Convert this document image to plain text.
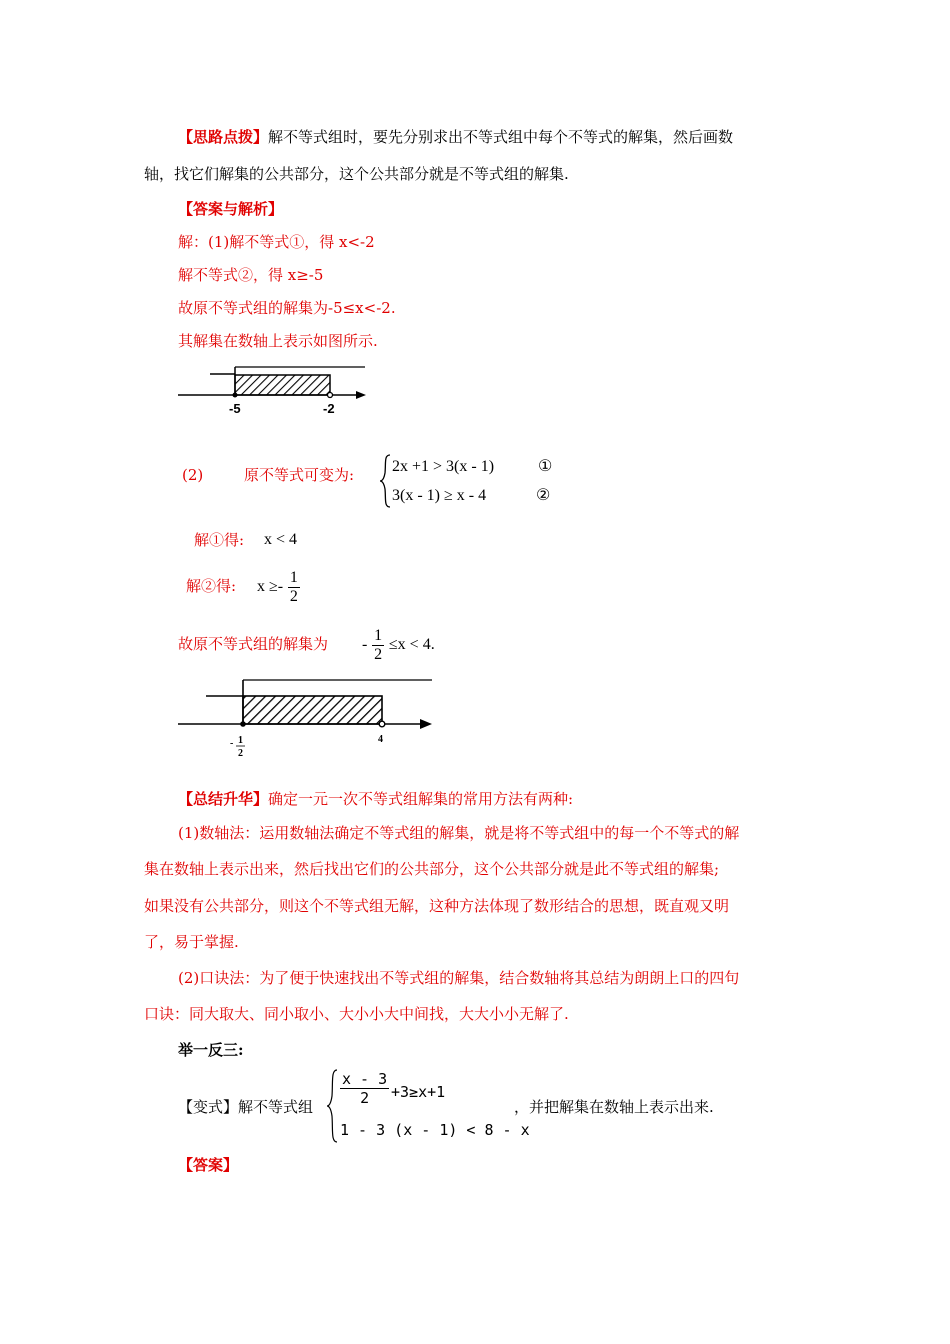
【思路点拨】解不等式组时，要先分别求出不等式组中每个不等式的解集，然后画数
轴，找它们解集的公共部分，这个公共部分就是不等式组的解集.
【答案与解析】
解：(1)解不等式①，得 x<-2
解不等式②，得 x≥-5
故原不等式组的解集为-5≤x<-2.
其解集在数轴上表示如图所示.
-5	-2
(2)	原不等式可变为: 2x +1 > 3(x - 1)	①
3(x - 1) ≥ x - 4	②
解①得: x < 4
解②得: $x \ge- \frac{1}{2}$
故原不等式组的解集为 - $\frac{1}{2} \le x < 4$.
- 1
2
4
【总结升华】确定一元一次不等式组解集的常用方法有两种:
(1)数轴法：运用数轴法确定不等式组的解集，就是将不等式组中的每一个不等式的解
集在数轴上表示出来，然后找出它们的公共部分，这个公共部分就是此不等式组的解集;
如果没有公共部分，则这个不等式组无解，这种方法体现了数形结合的思想，既直观又明
了，易于掌握.
(2)口诀法：为了便于快速找出不等式组的解集，结合数轴将其总结为朗朗上口的四句
口诀：同大取大、同小取小、大小小大中间找，大大小小无解了.
举一反三:
【变式】解不等式组 $\frac{x - 3}{2} +3\ge x+1$
1 - 3 (x - 1) < 8 - x
，并把解集在数轴上表示出来.
【答案】
